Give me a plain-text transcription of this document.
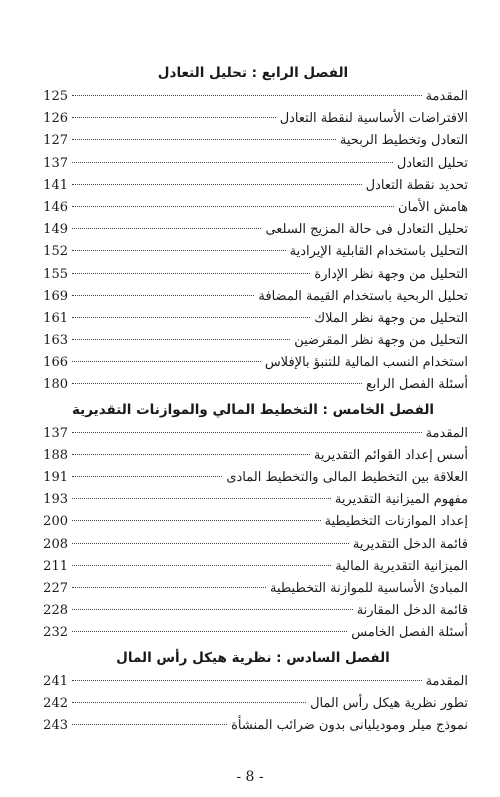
الفصل الرابع : تحليل التعادل
المقدمة
125
الافتراضات الأساسية لنقطة التعادل
126
التعادل وتخطيط الربحية
127
تحليل التعادل
137
تحديد نقطة التعادل
141
هامش الأمان
146
تحليل التعادل فى حالة المزيج السلعى
149
التحليل باستخدام القابلية الإيرادية
152
التحليل من وجهة نظر الإدارة
155
تحليل الربحية باستخدام القيمة المضافة
169
التحليل من وجهة نظر الملاك
161
التحليل من وجهة نظر المقرضين
163
استخدام النسب المالية للتنبؤ بالإفلاس
166
أسئلة الفصل الرابع
180
الفصل الخامس : التخطيط المالي والموازنات التقديرية
المقدمة
137
أسس إعداد القوائم التقديرية
188
العلاقة بين التخطيط المالى والتخطيط المادى
191
مفهوم الميزانية التقديرية
193
إعداد الموازنات التخطيطية
200
قائمة الدخل التقديرية
208
الميزانية التقديرية المالية
211
المبادئ الأساسية للموازنة التخطيطية
227
قائمة الدخل المقارنة
228
أسئلة الفصل الخامس
232
الفصل السادس : نظرية هيكل رأس المال
المقدمة
241
تطور نظرية هيكل رأس المال
242
نموذج ميلر وموديليانى بدون ضرائب المنشأة
243
- 8 -
